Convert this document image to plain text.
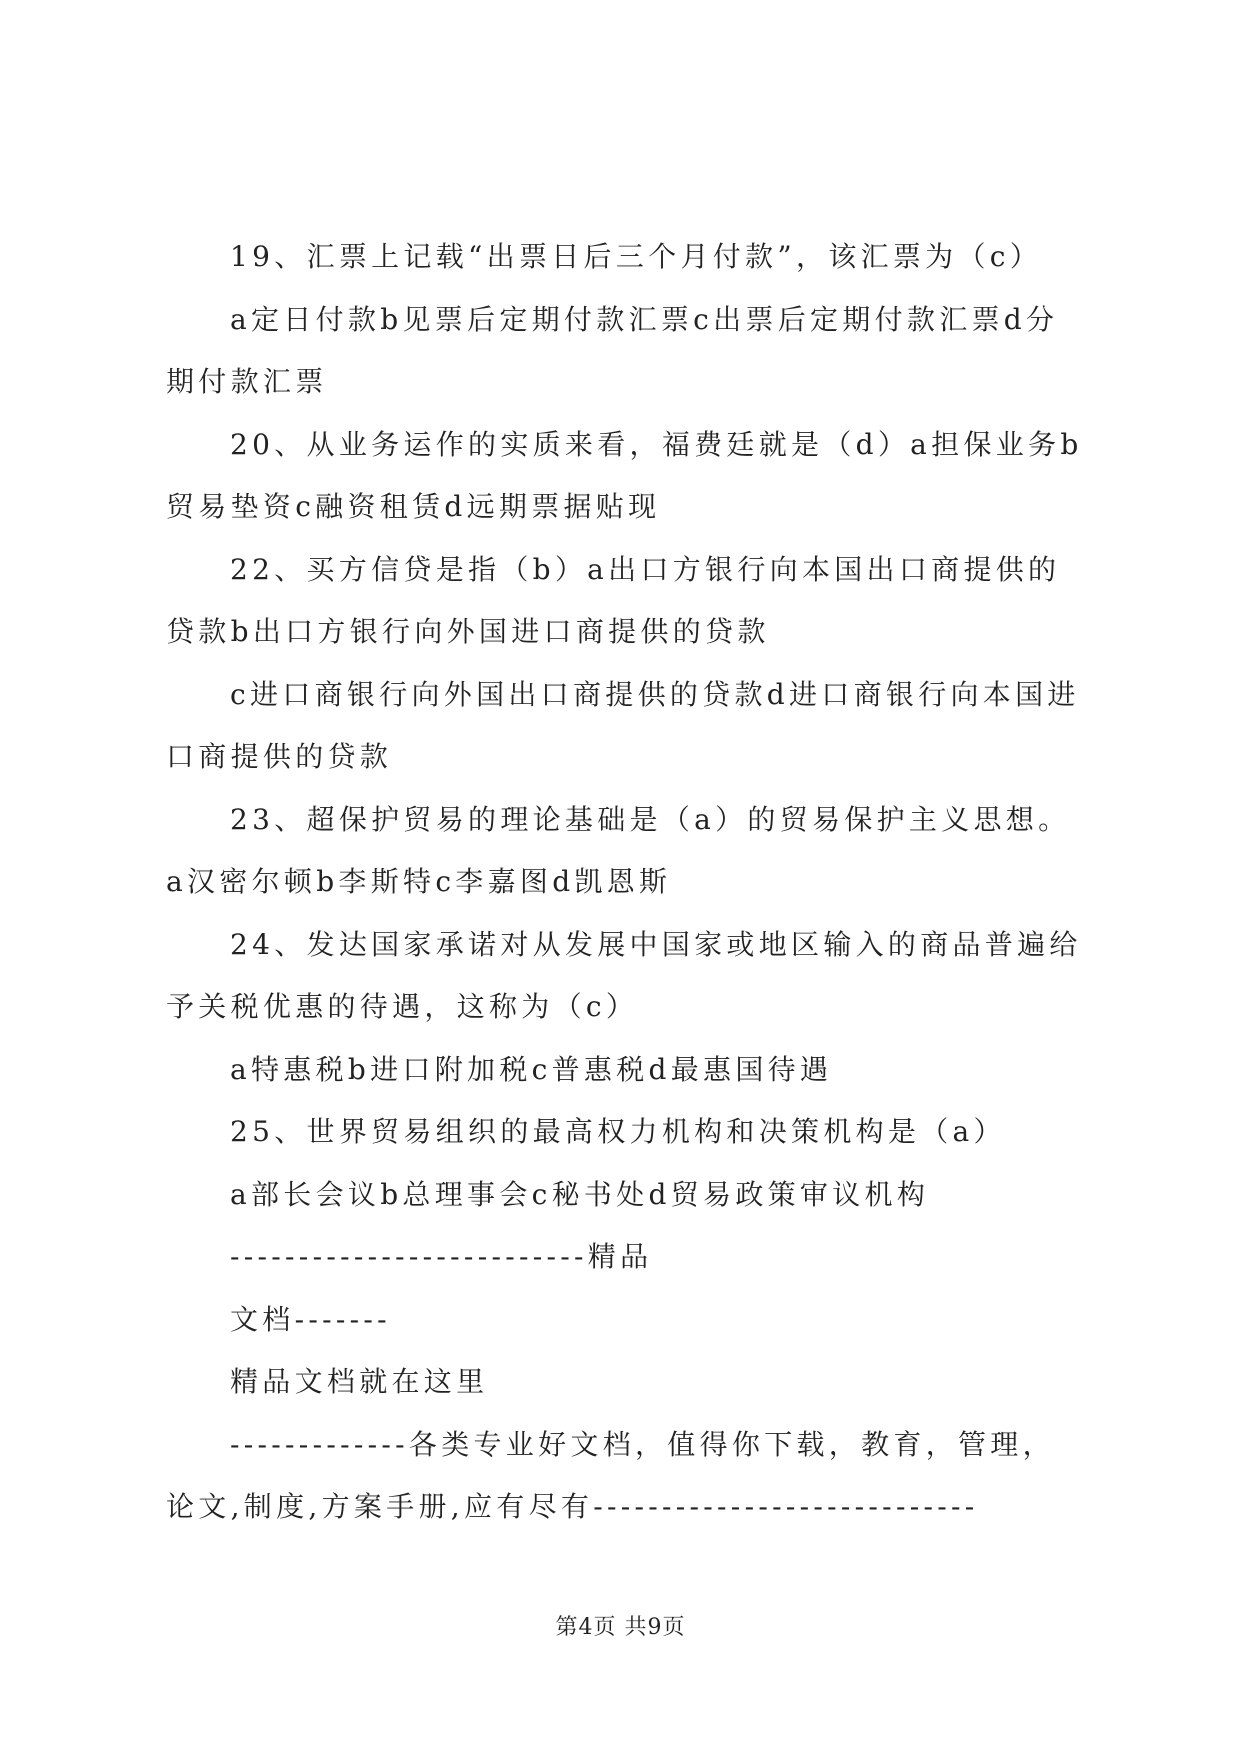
19、汇票上记载“出票日后三个月付款”，该汇票为（c）

a定日付款b见票后定期付款汇票c出票后定期付款汇票d分期付款汇票

20、从业务运作的实质来看，福费廷就是（d）a担保业务b贸易垫资c融资租赁d远期票据贴现

22、买方信贷是指（b）a出口方银行向本国出口商提供的贷款b出口方银行向外国进口商提供的贷款

c进口商银行向外国出口商提供的贷款d进口商银行向本国进口商提供的贷款

23、超保护贸易的理论基础是（a）的贸易保护主义思想。a汉密尔顿b李斯特c李嘉图d凯恩斯

24、发达国家承诺对从发展中国家或地区输入的商品普遍给予关税优惠的待遇，这称为（c）

a特惠税b进口附加税c普惠税d最惠国待遇

25、世界贸易组织的最高权力机构和决策机构是（a）

a部长会议b总理事会c秘书处d贸易政策审议机构

--------------------------精品

文档-------

精品文档就在这里

-------------各类专业好文档，值得你下载，教育，管理，论文,制度,方案手册,应有尽有----------------------------

第4页 共9页
